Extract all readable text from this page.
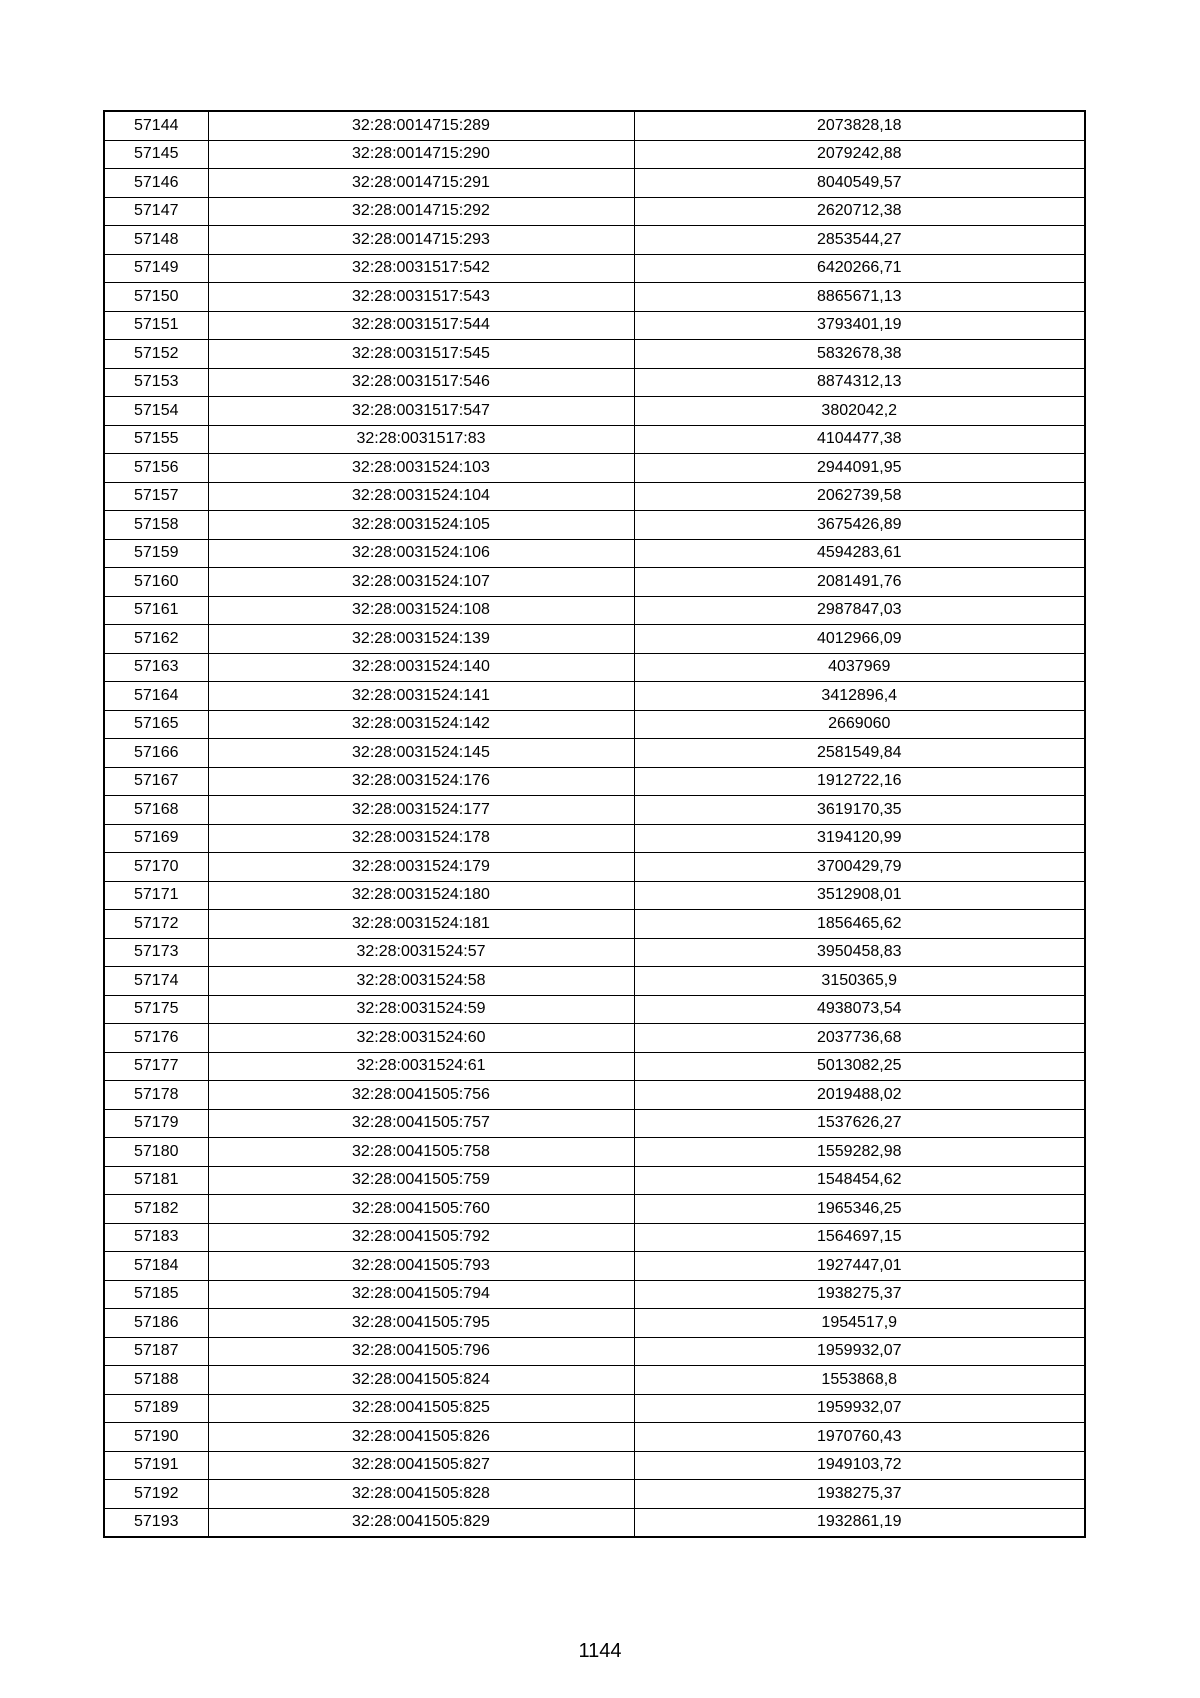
57144	32:28:0014715:289	2073828,18
57145	32:28:0014715:290	2079242,88
57146	32:28:0014715:291	8040549,57
57147	32:28:0014715:292	2620712,38
57148	32:28:0014715:293	2853544,27
57149	32:28:0031517:542	6420266,71
57150	32:28:0031517:543	8865671,13
57151	32:28:0031517:544	3793401,19
57152	32:28:0031517:545	5832678,38
57153	32:28:0031517:546	8874312,13
57154	32:28:0031517:547	3802042,2
57155	32:28:0031517:83	4104477,38
57156	32:28:0031524:103	2944091,95
57157	32:28:0031524:104	2062739,58
57158	32:28:0031524:105	3675426,89
57159	32:28:0031524:106	4594283,61
57160	32:28:0031524:107	2081491,76
57161	32:28:0031524:108	2987847,03
57162	32:28:0031524:139	4012966,09
57163	32:28:0031524:140	4037969
57164	32:28:0031524:141	3412896,4
57165	32:28:0031524:142	2669060
57166	32:28:0031524:145	2581549,84
57167	32:28:0031524:176	1912722,16
57168	32:28:0031524:177	3619170,35
57169	32:28:0031524:178	3194120,99
57170	32:28:0031524:179	3700429,79
57171	32:28:0031524:180	3512908,01
57172	32:28:0031524:181	1856465,62
57173	32:28:0031524:57	3950458,83
57174	32:28:0031524:58	3150365,9
57175	32:28:0031524:59	4938073,54
57176	32:28:0031524:60	2037736,68
57177	32:28:0031524:61	5013082,25
57178	32:28:0041505:756	2019488,02
57179	32:28:0041505:757	1537626,27
57180	32:28:0041505:758	1559282,98
57181	32:28:0041505:759	1548454,62
57182	32:28:0041505:760	1965346,25
57183	32:28:0041505:792	1564697,15
57184	32:28:0041505:793	1927447,01
57185	32:28:0041505:794	1938275,37
57186	32:28:0041505:795	1954517,9
57187	32:28:0041505:796	1959932,07
57188	32:28:0041505:824	1553868,8
57189	32:28:0041505:825	1959932,07
57190	32:28:0041505:826	1970760,43
57191	32:28:0041505:827	1949103,72
57192	32:28:0041505:828	1938275,37
57193	32:28:0041505:829	1932861,19
1144
